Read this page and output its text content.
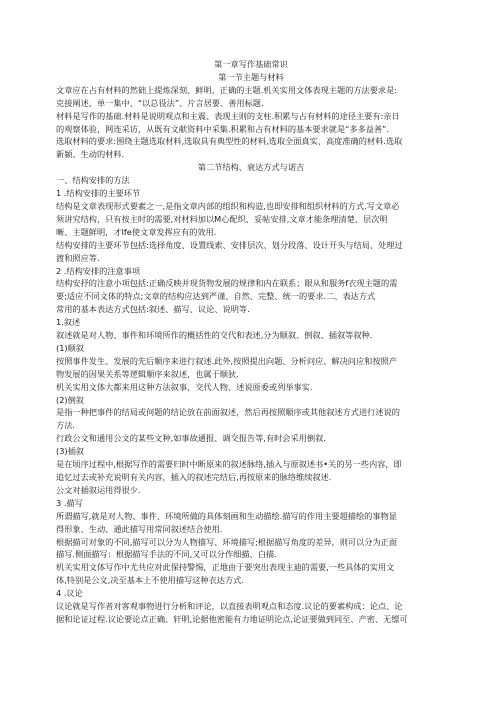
第一章写作基础常识

第一节主题与材料

文章应在占有材料的然础上提炼深刻、鲜明、正确的主题.机关实用文体表现主题的方法要求是:
克接阐述、单一集中、“以总役法”、片言居要、善用标题.

材料是写作的基础.材料是说明观点和主震、表现主则的支柱.积累与占有材料的途径主要有:亲日
的观察体验，网连采访，从既有文献资料中采集.积累和占有材料的基本要求就是“多多益善”.
选取材料的要求:围绕主题选取材料,选取具有典型性的材料,选取全面真实、高度准确的材料.选取
新颍、生动的材料.

第二节结构、衰达方式与诺吉

一、结构安排的方法

1 .结构安排的主要环节

结构是文章表现形式要素之一,是指文章内部的组织和构造,也即安排和组织材料的方式.写文章必
须讲究结构，只有按主时的需要,对材料加以M心配织、妥帖安排,文章才能条理清楚、层次明
晰、主题鲜明，才Ife使文章发挥应有的效用.
结构安排的主要环节包括:选择角度、设置线索、安排层次、划分段落、设计开头与结局、处理过
渡和照应等.

2 .结构安排的注意事项

结构安抒的注意小项包括:正确反映并现货物发展的规律和内在联系；眼从和服务f衣现主题的需
要;适应不同文体的特点;文章的结构应达到严谨、自然、完整、统一的要求.二、表达方式
常用的基本表达方式包括:叙述、描写、议论、说明等.

1.叙述

叙述就是对人物、事件和环境所作的概括性的交代和表述,分为顺叙、倒叙、插叙等叙种.

(1)顺叙

按照事件发生、发展的先后顺序来进行叙述.此外,按照提出向题、分析问应、解决问应和按照产
物发展的因果关系等逻辑顺序来叙述，也属于顺狄.
机关实用文体大都来用这种方法叙事，交代人物、述说原委或列举事实.

(2)倒叙

是指一种把事件的结局或何题的结论放在前面叙述，然后再按照顺序或其他叙述方式进行述说的
方法.
行政公文和通用公文的某些文种,如事故通报、调交报告等,有时会采用倒叙.

(3)插叙

是在顷序过程中,根据写作的需要归时中断原来的叙述脉络,插入与原叙述书•关的另一些内容，即
追忆过去或补充说明有关内容，插入的叙述完结后,再按原来的脉络维续叙述.
公文对插叙运用得很少.

3 .描写

所谓描写,就是对人物、事件、环境所做的具体刻画和生动描绘.描写的作用主要超描绘的事物显
得形象、生动、通此描写用常同叙述结合使用.
根据描可对象的不同,描写可以分为人物描写、环境描写;根据描写角度的差异，则可以分为正面
描写.侧面描写：根据描写手法的不同,又可以分作细描、白描.
机关实用文体写作中尤共应对此保持警惕，正地由于要突出表现主迪的需要,一些具体的实用文
体,特别是公文,决至基本上不使用描写这种衣达方式.

4 .议论

议论就是写作者对客观事物进行分析和评论，以直接表明观点和态度.议论的要素构成：论点、论
据和论证过程.议论要论点正确、轩明,论据他密能有力地证明论点,论证要做到同至、产密、无缥可
